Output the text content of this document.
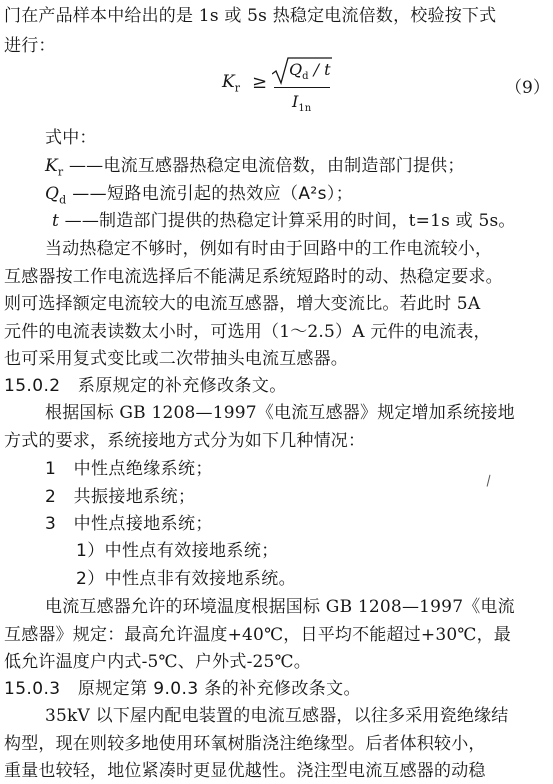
门在产品样本中给出的是 1s 或 5s 热稳定电流倍数，校验按下式
进行：
$K_r$ ≥
$Q_d$ / t
$I_{1n}$
（9）
式中：
$K_r$ ——电流互感器热稳定电流倍数，由制造部门提供；
$Q_d$ ——短路电流引起的热效应（A²s）；
t ——制造部门提供的热稳定计算采用的时间，t=1s 或 5s。
当动热稳定不够时，例如有时由于回路中的工作电流较小，
互感器按工作电流选择后不能满足系统短路时的动、热稳定要求。
则可选择额定电流较大的电流互感器，增大变流比。若此时 5A
元件的电流表读数太小时，可选用（1～2.5）A 元件的电流表，
也可采用复式变比或二次带抽头电流互感器。
15.0.2　系原规定的补充修改条文。
根据国标 GB 1208—1997《电流互感器》规定增加系统接地
方式的要求，系统接地方式分为如下几种情况：
1　中性点绝缘系统；
2　共振接地系统；
3　中性点接地系统；
1）中性点有效接地系统；
2）中性点非有效接地系统。
电流互感器允许的环境温度根据国标 GB 1208—1997《电流
互感器》规定：最高允许温度+40℃，日平均不能超过+30℃，最
低允许温度户内式-5℃、户外式-25℃。
15.0.3　原规定第 9.0.3 条的补充修改条文。
35kV 以下屋内配电装置的电流互感器，以往多采用瓷绝缘结
构型，现在则较多地使用环氧树脂浇注绝缘型。后者体积较小，
重量也较轻，地位紧凑时更显优越性。浇注型电流互感器的动稳
